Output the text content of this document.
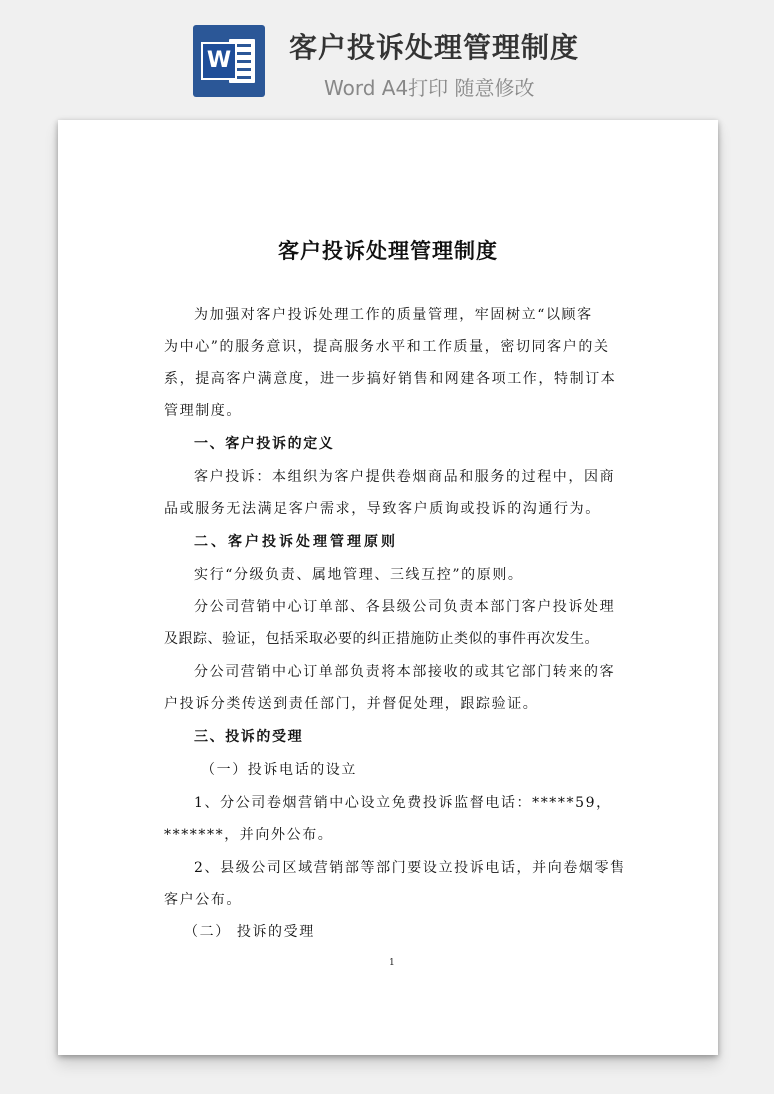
W 客户投诉处理管理制度
Word A4打印 随意修改
客户投诉处理管理制度
为加强对客户投诉处理工作的质量管理，牢固树立“以顾客
为中心”的服务意识，提高服务水平和工作质量，密切同客户的关
系，提高客户满意度，进一步搞好销售和网建各项工作，特制订本
管理制度。
一、客户投诉的定义
客户投诉：本组织为客户提供卷烟商品和服务的过程中，因商
品或服务无法满足客户需求，导致客户质询或投诉的沟通行为。
二、客户投诉处理管理原则
实行“分级负责、属地管理、三线互控”的原则。
分公司营销中心订单部、各县级公司负责本部门客户投诉处理
及跟踪、验证，包括采取必要的纠正措施防止类似的事件再次发生。
分公司营销中心订单部负责将本部接收的或其它部门转来的客
户投诉分类传送到责任部门，并督促处理，跟踪验证。
三、投诉的受理
（一）投诉电话的设立
1、分公司卷烟营销中心设立免费投诉监督电话：*****59，
*******，并向外公布。
2、县级公司区域营销部等部门要设立投诉电话，并向卷烟零售
客户公布。
（二） 投诉的受理
1
